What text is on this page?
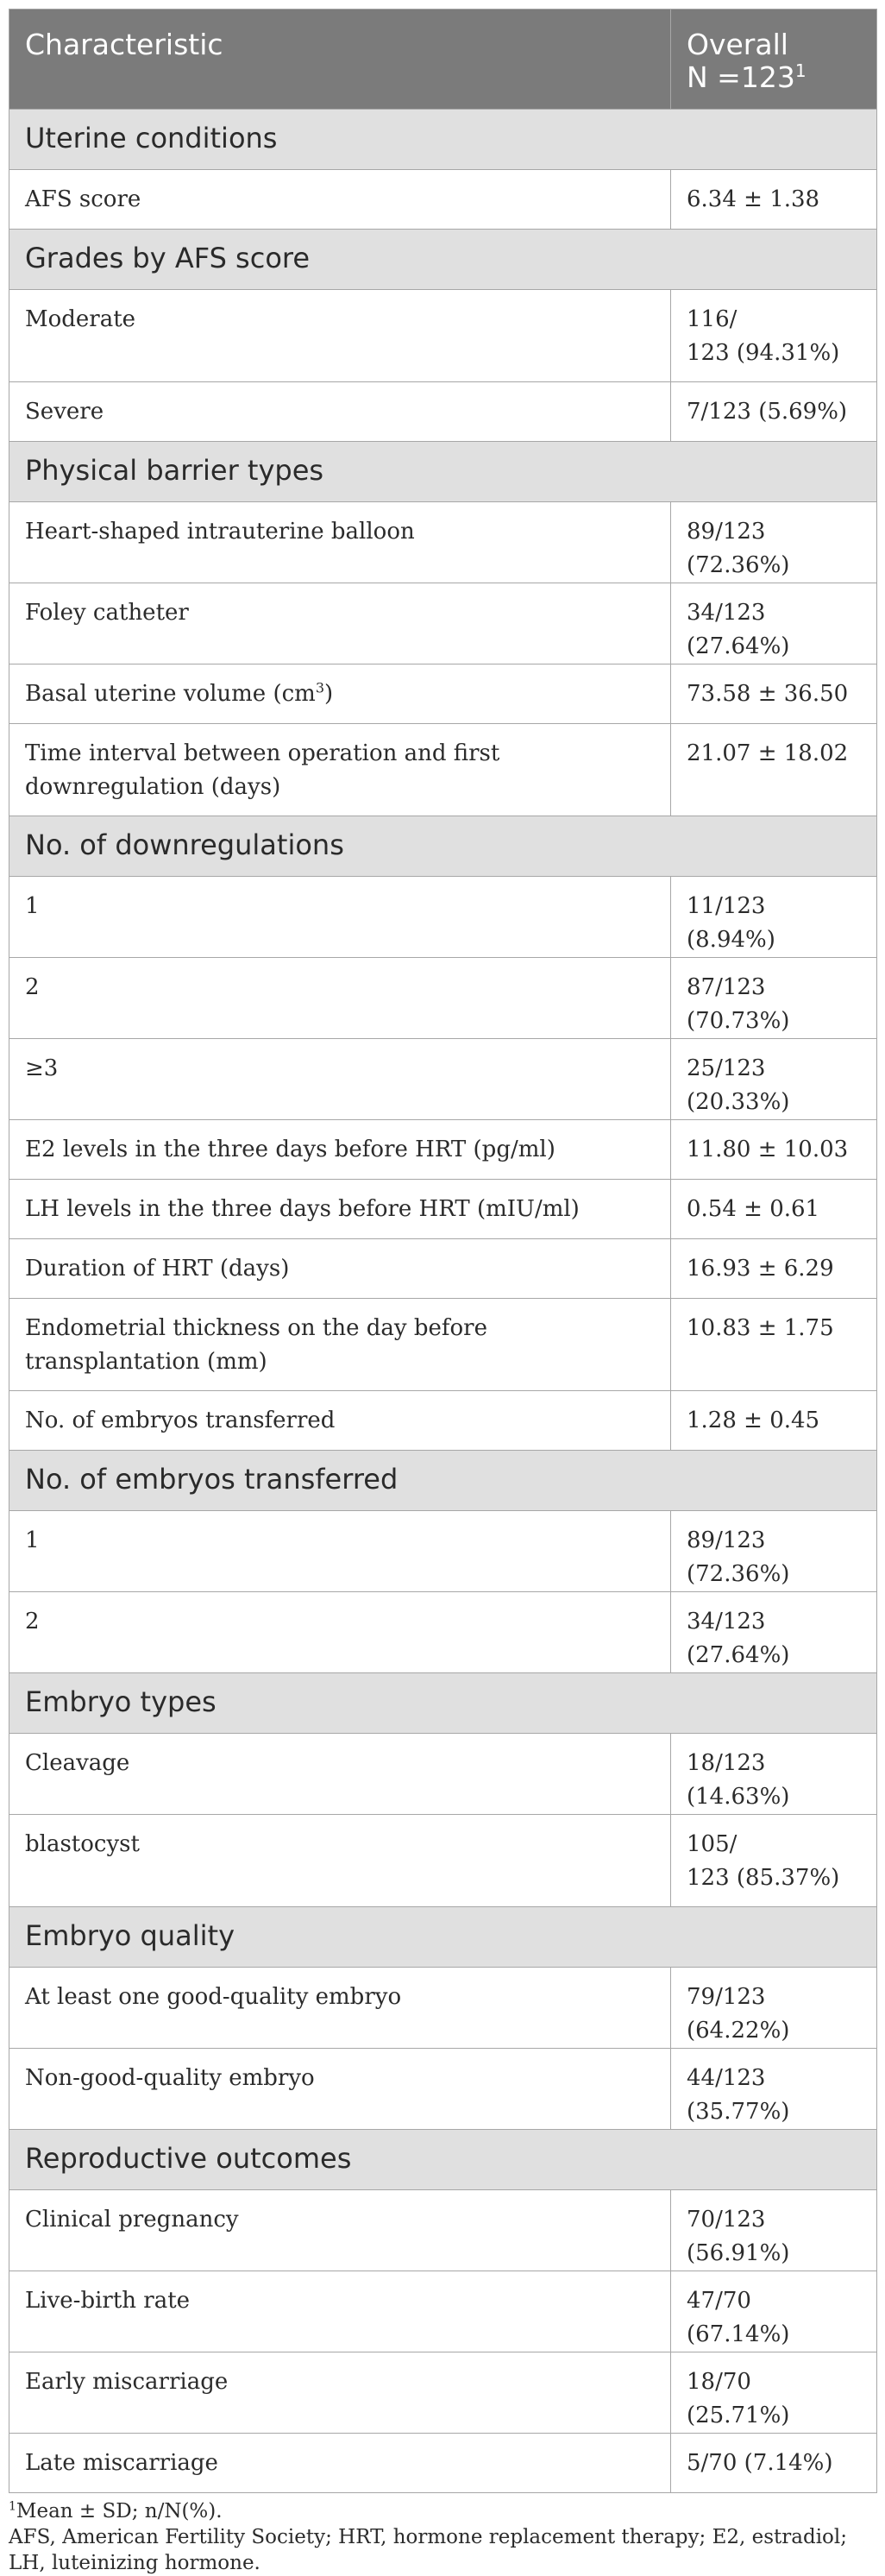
Characteristic	Overall
$N =123^1$
Uterine conditions	
AFS score	6.34 ± 1.38
Grades by AFS score	
Moderate	116/
123 (94.31%)
Severe	7/123 (5.69%)
Physical barrier types	
Heart-shaped intrauterine balloon	89/123 (72.36%)
Foley catheter	34/123 (27.64%)
Basal uterine volume $(cm^3)$	73.58 ± 36.50
Time interval between operation and first
downregulation (days)	21.07 ± 18.02
No. of downregulations	
1	11/123 (8.94%)
2	87/123 (70.73%)
≥3	25/123 (20.33%)
E2 levels in the three days before HRT (pg/ml)	11.80 ± 10.03
LH levels in the three days before HRT (mIU/ml)	0.54 ± 0.61
Duration of HRT (days)	16.93 ± 6.29
Endometrial thickness on the day before
transplantation (mm)	10.83 ± 1.75
No. of embryos transferred	1.28 ± 0.45
No. of embryos transferred	
1	89/123 (72.36%)
2	34/123 (27.64%)
Embryo types	
Cleavage	18/123 (14.63%)
blastocyst	105/
123 (85.37%)
Embryo quality	
At least one good-quality embryo	79/123 (64.22%)
Non-good-quality embryo	44/123 (35.77%)
Reproductive outcomes	
Clinical pregnancy	70/123 (56.91%)
Live-birth rate	47/70 (67.14%)
Early miscarriage	18/70 (25.71%)
Late miscarriage	5/70 (7.14%)

$^1$Mean ± SD; n/N(%).

AFS, American Fertility Society; HRT, hormone replacement therapy; E2, estradiol; LH, luteinizing hormone.
